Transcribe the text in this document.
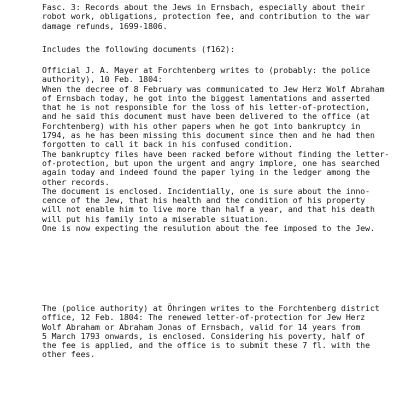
Fasc. 3: Records about the Jews in Ernsbach, especially about their
robot work, obligations, protection fee, and contribution to the war
damage refunds, 1699-1806.
Includes the following documents (f162):
Official J. A. Mayer at Forchtenberg writes to (probably: the police
authority), 10 Feb. 1804:
When the decree of 8 February was communicated to Jew Herz Wolf Abraham
of Ernsbach today, he got into the biggest lamentations and asserted
that he is not responsible for the loss of his letter-of-protection,
and he said this document must have been delivered to the office (at
Forchtenberg) with his other papers when he got into bankruptcy in
1794, as he has been missing this document since then and he had then
forgotten to call it back in his confused condition.
The bankruptcy files have been racked before without finding the letter-
of-protection, but upon the urgent and angry implore, one has searched
again today and indeed found the paper lying in the ledger among the
other records.
The document is enclosed. Incidentially, one is sure about the inno-
cence of the Jew, that his health and the condition of his property
will not enable him to live more than half a year, and that his death
will put his family into a miserable situation.
One is now expecting the resulution about the fee imposed to the Jew.
The (police authority) at Öhringen writes to the Forchtenberg district
office, 12 Feb. 1804: The renewed letter-of-protection for Jew Herz
Wolf Abraham or Abraham Jonas of Ernsbach, valid for 14 years from
5 March 1793 onwards, is enclosed. Considering his poverty, half of
the fee is applied, and the office is to submit these 7 fl. with the
other fees.
